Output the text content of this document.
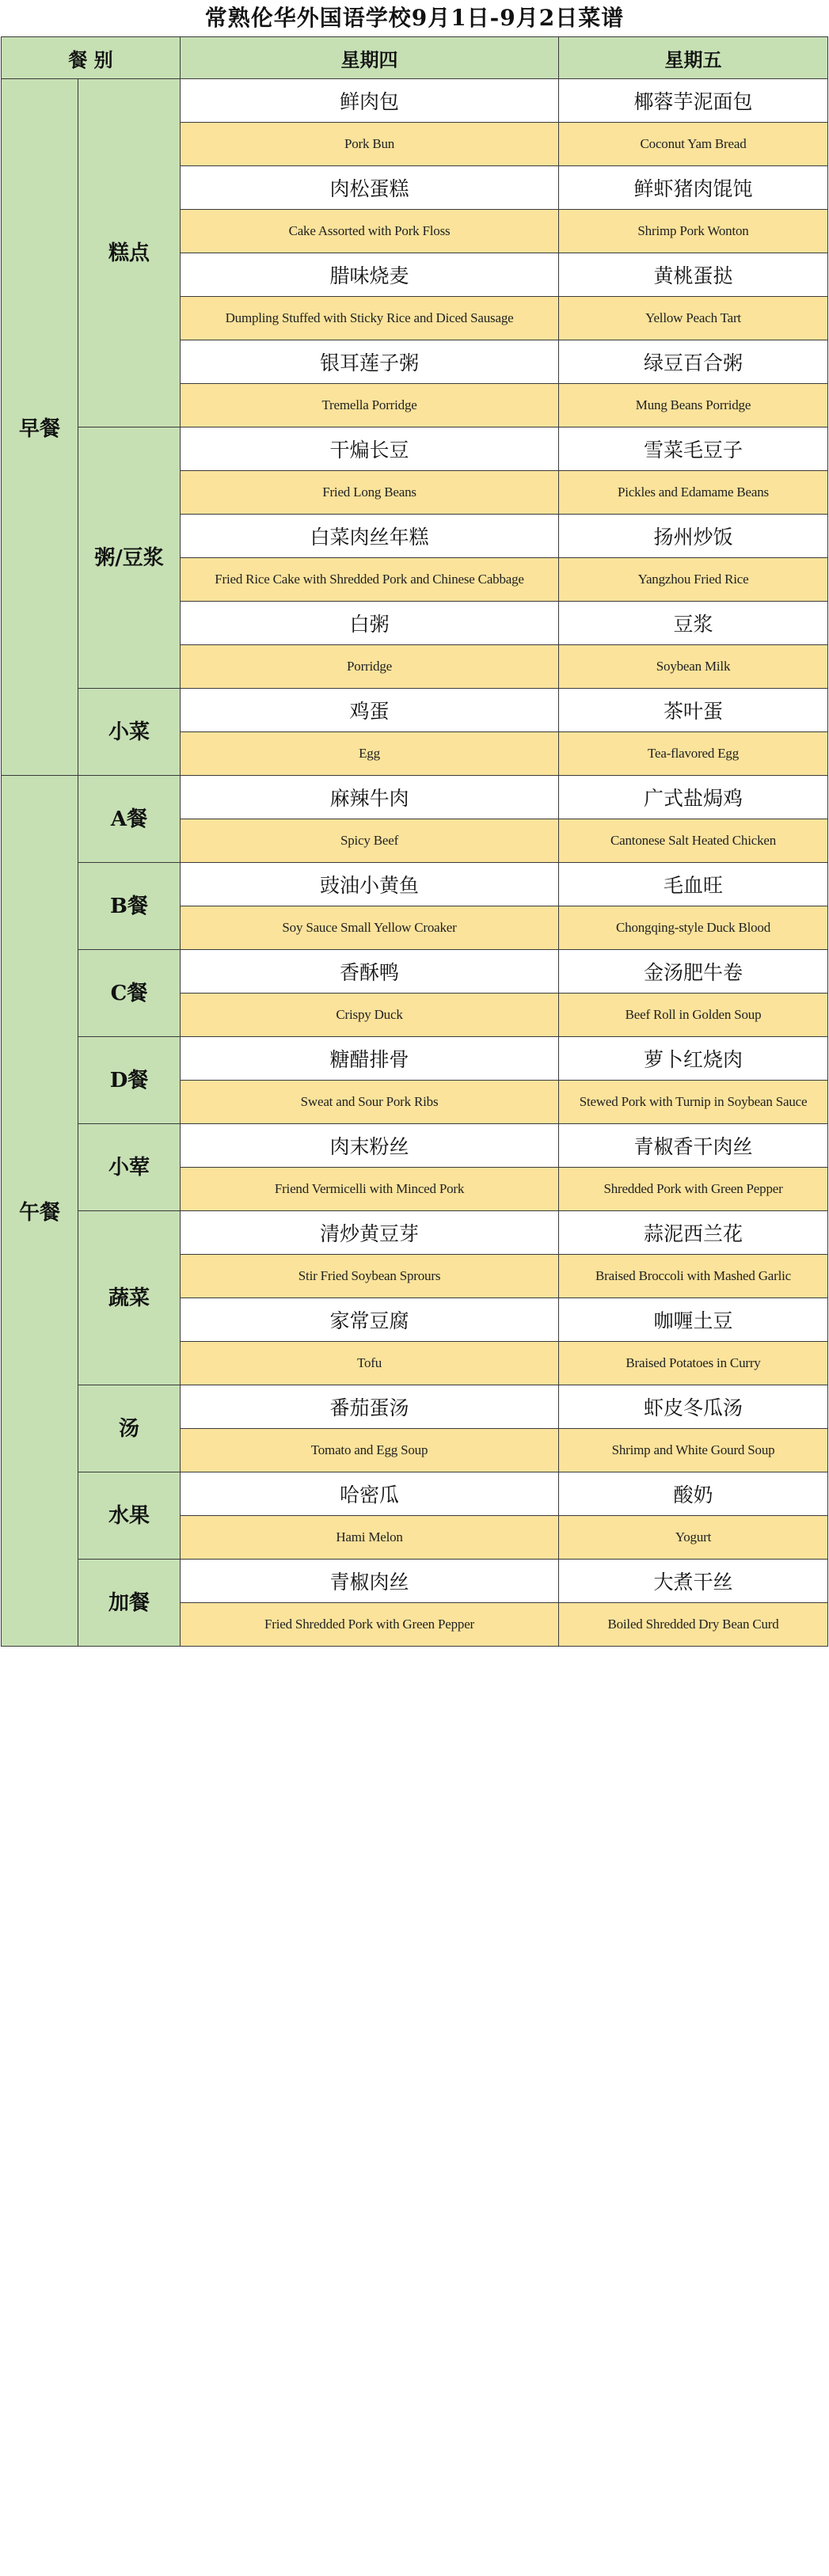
常熟伦华外国语学校9月1日-9月2日菜谱
餐 别		星期四	星期五
早餐	糕点	鲜肉包	椰蓉芋泥面包
		Pork Bun	Coconut Yam Bread
		肉松蛋糕	鲜虾猪肉馄饨
		Cake Assorted with Pork Floss	Shrimp Pork Wonton
		腊味烧麦	黄桃蛋挞
		Dumpling Stuffed with Sticky Rice and Diced Sausage	Yellow Peach Tart
		银耳莲子粥	绿豆百合粥
		Tremella Porridge	Mung Beans Porridge
	粥/豆浆	干煸长豆	雪菜毛豆子
		Fried Long Beans	Pickles and Edamame Beans
		白菜肉丝年糕	扬州炒饭
		Fried Rice Cake with Shredded Pork and Chinese Cabbage	Yangzhou Fried Rice
		白粥	豆浆
		Porridge	Soybean Milk
	小菜	鸡蛋	茶叶蛋
		Egg	Tea-flavored Egg
午餐	A餐	麻辣牛肉	广式盐焗鸡
		Spicy Beef	Cantonese Salt Heated Chicken
	B餐	豉油小黄鱼	毛血旺
		Soy Sauce Small Yellow Croaker	Chongqing-style Duck Blood
	C餐	香酥鸭	金汤肥牛卷
		Crispy Duck	Beef Roll in Golden Soup
	D餐	糖醋排骨	萝卜红烧肉
		Sweat and Sour Pork Ribs	Stewed Pork with Turnip in Soybean Sauce
	小荤	肉末粉丝	青椒香干肉丝
		Friend Vermicelli with Minced Pork	Shredded Pork with Green Pepper
	蔬菜	清炒黄豆芽	蒜泥西兰花
		Stir Fried Soybean Sprours	Braised Broccoli with Mashed Garlic
		家常豆腐	咖喱土豆
		Tofu	Braised Potatoes in Curry
	汤	番茄蛋汤	虾皮冬瓜汤
		Tomato and Egg Soup	Shrimp and White Gourd Soup
	水果	哈密瓜	酸奶
		Hami Melon	Yogurt
	加餐	青椒肉丝	大煮干丝
		Fried Shredded Pork with Green Pepper	Boiled Shredded Dry Bean Curd
